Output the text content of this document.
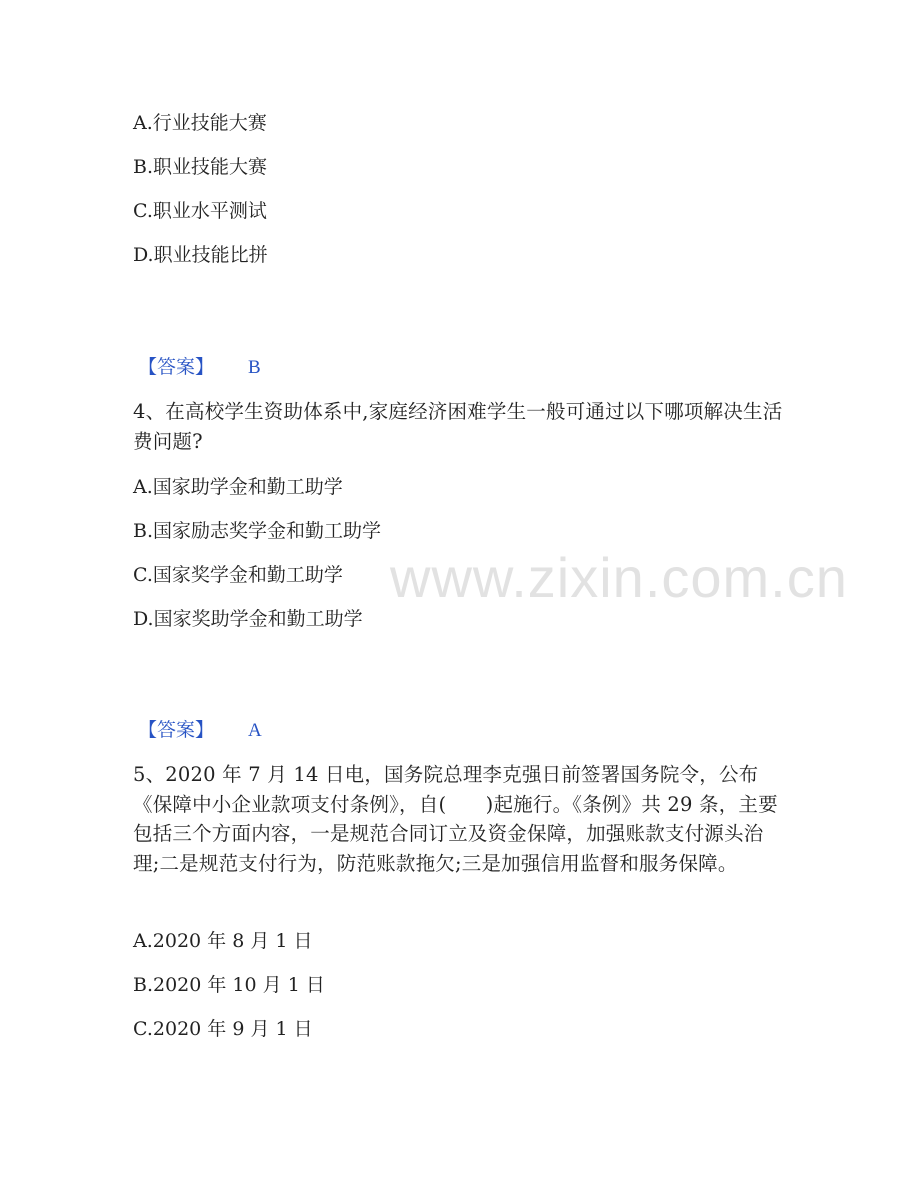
www.zixin.com.cn
A.行业技能大赛
B.职业技能大赛
C.职业水平测试
D.职业技能比拼
【答案】 B
4、在高校学生资助体系中,家庭经济困难学生一般可通过以下哪项解决生活费问题?
A.国家助学金和勤工助学
B.国家励志奖学金和勤工助学
C.国家奖学金和勤工助学
D.国家奖助学金和勤工助学
【答案】 A
5、2020 年 7 月 14 日电，国务院总理李克强日前签署国务院令，公布《保障中小企业款项支付条例》，自(　　)起施行。《条例》共 29 条，主要包括三个方面内容，一是规范合同订立及资金保障，加强账款支付源头治理;二是规范支付行为，防范账款拖欠;三是加强信用监督和服务保障。
A.2020 年 8 月 1 日
B.2020 年 10 月 1 日
C.2020 年 9 月 1 日
